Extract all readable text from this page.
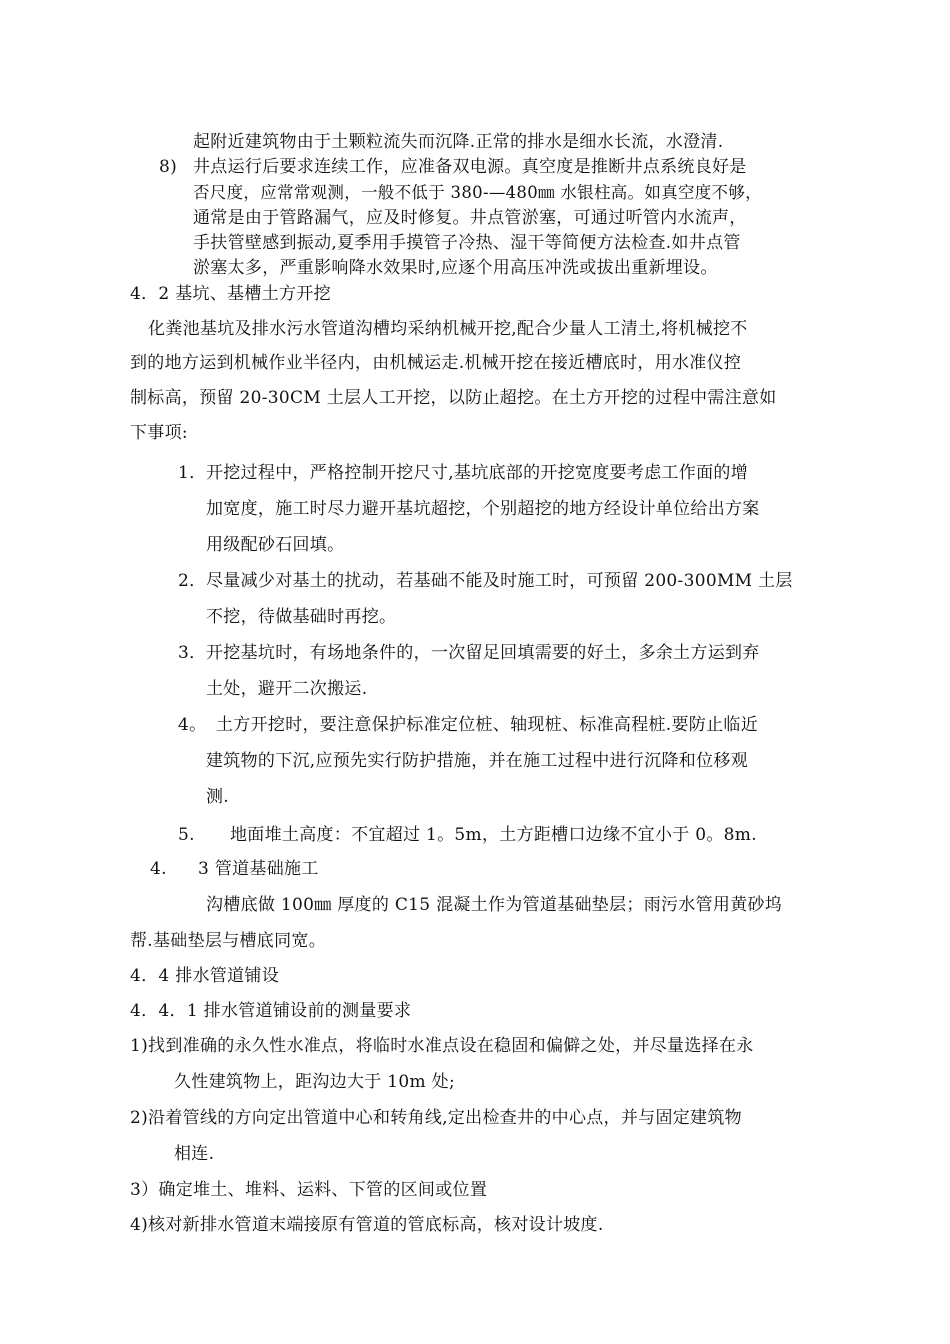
起附近建筑物由于土颗粒流失而沉降.正常的排水是细水长流，水澄清.
8) 井点运行后要求连续工作，应准备双电源。真空度是推断井点系统良好是
否尺度，应常常观测，一般不低于 380-—480㎜ 水银柱高。如真空度不够，
通常是由于管路漏气，应及时修复。井点管淤塞，可通过听管内水流声，
手扶管壁感到振动,夏季用手摸管子冷热、湿干等简便方法检查.如井点管
淤塞太多，严重影响降水效果时,应逐个用高压冲洗或拔出重新埋设。
4．2 基坑、基槽土方开挖
化粪池基坑及排水污水管道沟槽均采纳机械开挖,配合少量人工清土,将机械挖不
到的地方运到机械作业半径内，由机械运走.机械开挖在接近槽底时，用水准仪控
制标高，预留 20-30CM 土层人工开挖，以防止超挖。在土方开挖的过程中需注意如
下事项:
1． 开挖过程中，严格控制开挖尺寸,基坑底部的开挖宽度要考虑工作面的增
加宽度，施工时尽力避开基坑超挖，个别超挖的地方经设计单位给出方案
用级配砂石回填。
2． 尽量减少对基土的扰动，若基础不能及时施工时，可预留 200-300MM 土层
不挖，待做基础时再挖。
3． 开挖基坑时，有场地条件的，一次留足回填需要的好土，多余土方运到弃
土处，避开二次搬运.
4。 土方开挖时，要注意保护标准定位桩、轴现桩、标准高程桩.要防止临近
建筑物的下沉,应预先实行防护措施，并在施工过程中进行沉降和位移观
测.
5. 地面堆土高度：不宜超过 1。5m，土方距槽口边缘不宜小于 0。8m.
4. 3 管道基础施工
沟槽底做 100㎜ 厚度的 C15 混凝土作为管道基础垫层；雨污水管用黄砂坞
帮.基础垫层与槽底同宽。
4．4 排水管道铺设
4．4．1 排水管道铺设前的测量要求
1)找到准确的永久性水准点，将临时水准点设在稳固和偏僻之处，并尽量选择在永
久性建筑物上，距沟边大于 10m 处;
2)沿着管线的方向定出管道中心和转角线,定出检查井的中心点，并与固定建筑物
相连.
3）确定堆土、堆料、运料、下管的区间或位置
4)核对新排水管道末端接原有管道的管底标高，核对设计坡度.
